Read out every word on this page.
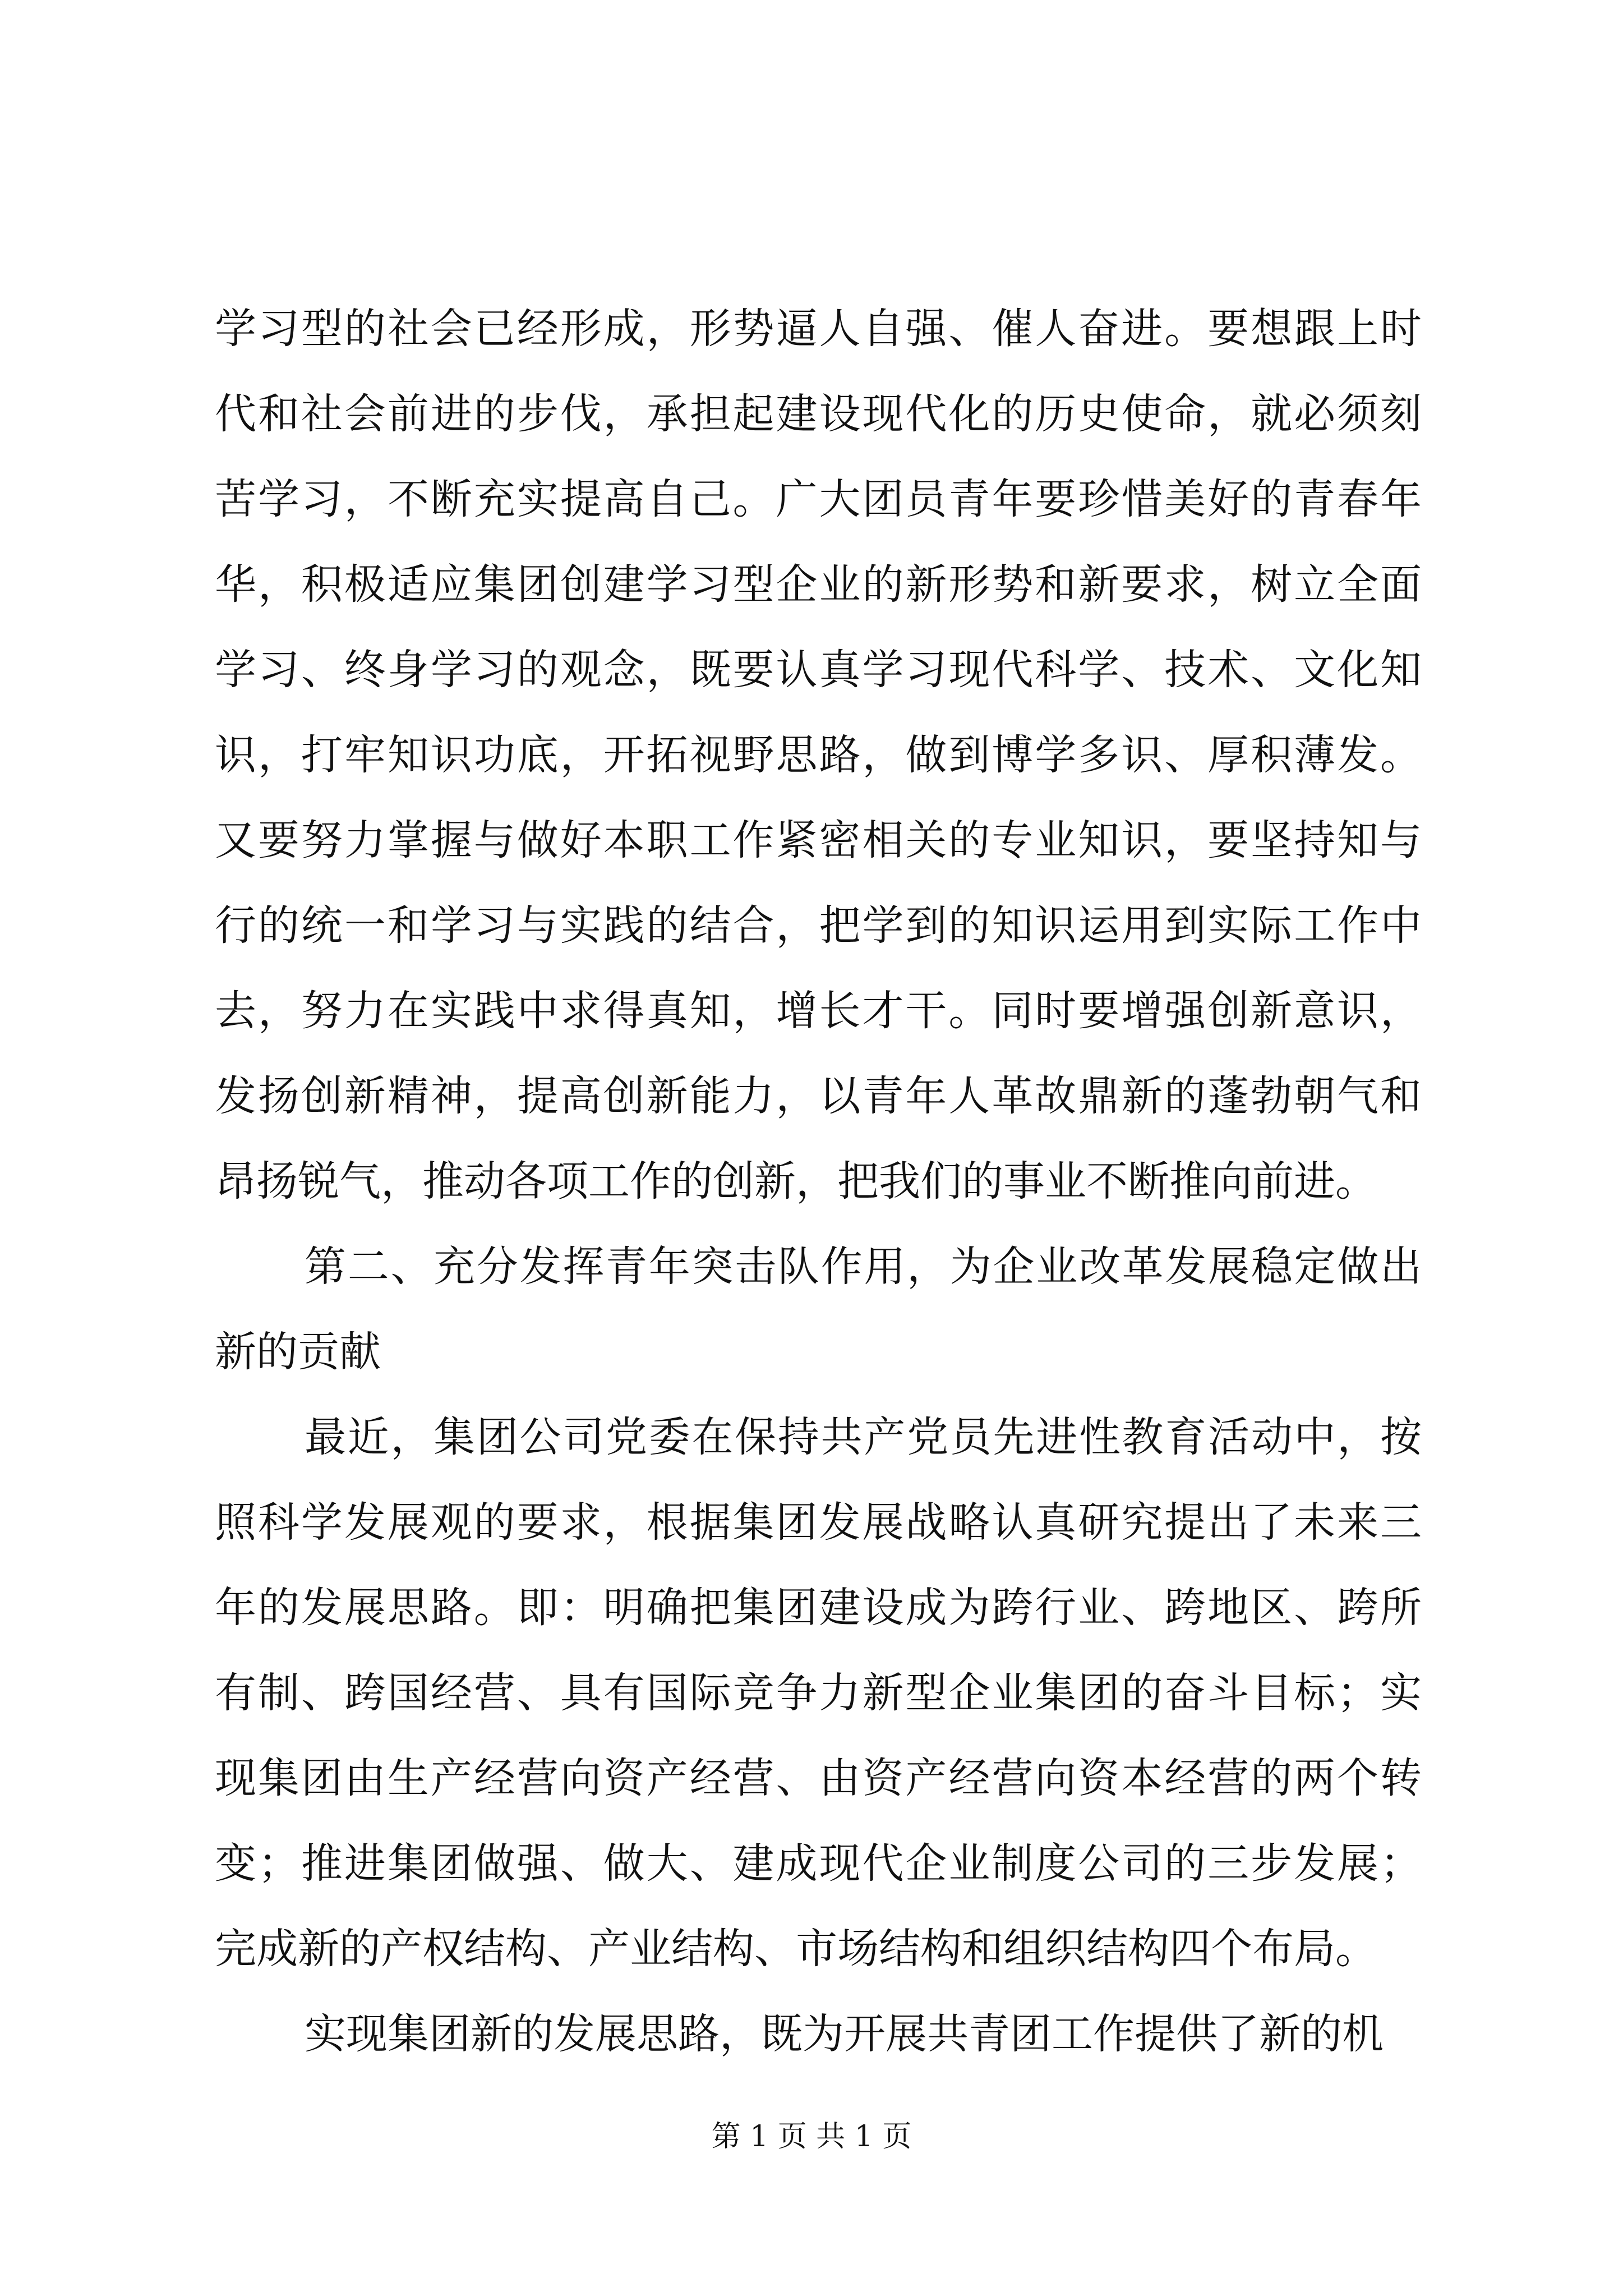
学习型的社会已经形成，形势逼人自强、催人奋进。要想跟上时
代和社会前进的步伐，承担起建设现代化的历史使命，就必须刻
苦学习，不断充实提高自己。广大团员青年要珍惜美好的青春年
华，积极适应集团创建学习型企业的新形势和新要求，树立全面
学习、终身学习的观念，既要认真学习现代科学、技术、文化知
识，打牢知识功底，开拓视野思路，做到博学多识、厚积薄发。
又要努力掌握与做好本职工作紧密相关的专业知识，要坚持知与
行的统一和学习与实践的结合，把学到的知识运用到实际工作中
去，努力在实践中求得真知，增长才干。同时要增强创新意识，
发扬创新精神，提高创新能力，以青年人革故鼎新的蓬勃朝气和
昂扬锐气，推动各项工作的创新，把我们的事业不断推向前进。
第二、充分发挥青年突击队作用，为企业改革发展稳定做出
新的贡献
最近，集团公司党委在保持共产党员先进性教育活动中，按
照科学发展观的要求，根据集团发展战略认真研究提出了未来三
年的发展思路。即：明确把集团建设成为跨行业、跨地区、跨所
有制、跨国经营、具有国际竞争力新型企业集团的奋斗目标；实
现集团由生产经营向资产经营、由资产经营向资本经营的两个转
变；推进集团做强、做大、建成现代企业制度公司的三步发展；
完成新的产权结构、产业结构、市场结构和组织结构四个布局。
实现集团新的发展思路，既为开展共青团工作提供了新的机
第 1 页 共 1 页
